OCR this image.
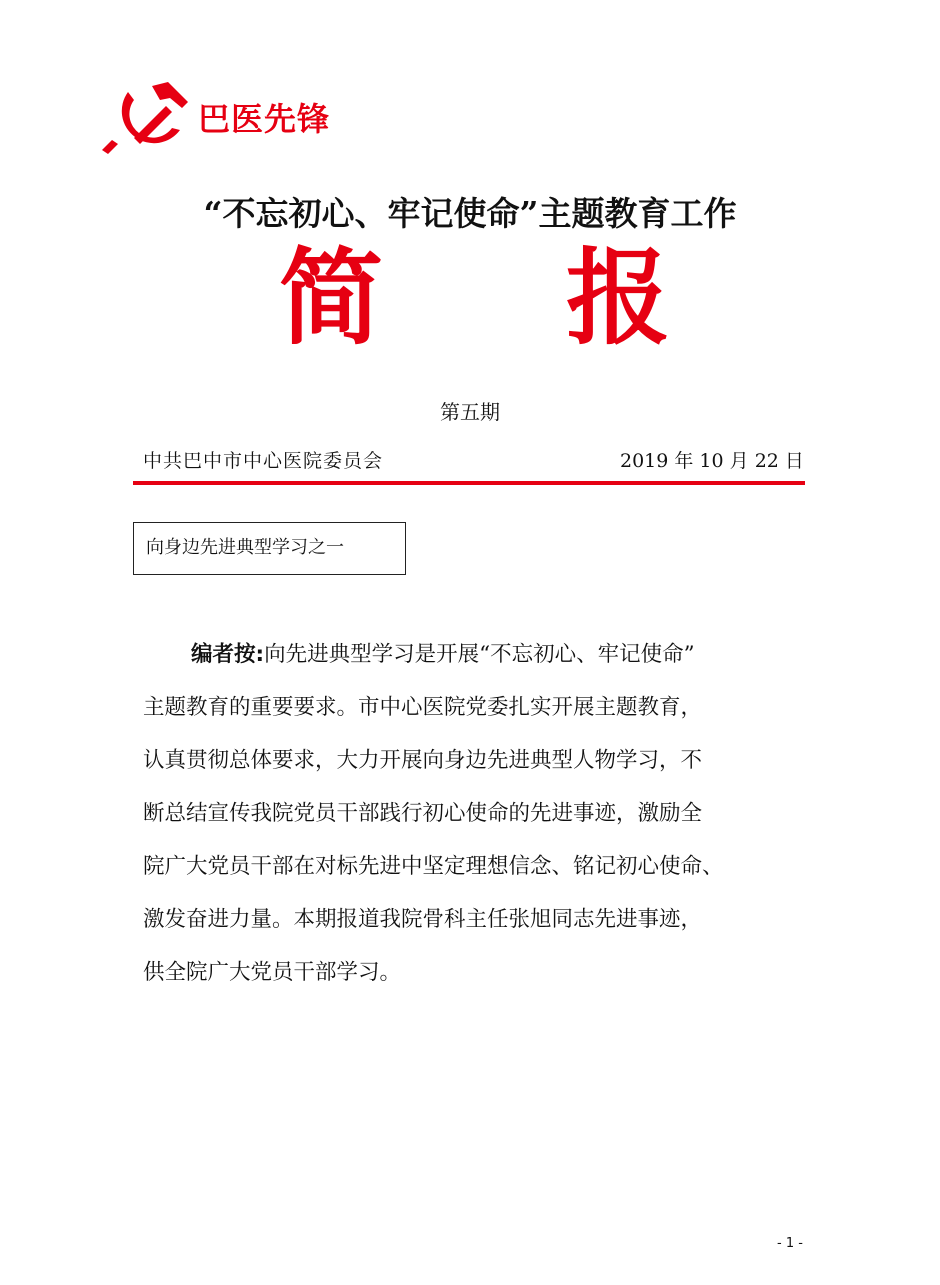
巴医先锋
“不忘初心、牢记使命”主题教育工作
简 报
第五期
中共巴中市中心医院委员会	2019 年 10 月 22 日
向身边先进典型学习之一
编者按:向先进典型学习是开展“不忘初心、牢记使命”
主题教育的重要要求。市中心医院党委扎实开展主题教育，
认真贯彻总体要求，大力开展向身边先进典型人物学习，不
断总结宣传我院党员干部践行初心使命的先进事迹，激励全
院广大党员干部在对标先进中坚定理想信念、铭记初心使命、
激发奋进力量。本期报道我院骨科主任张旭同志先进事迹，
供全院广大党员干部学习。
- 1 -
